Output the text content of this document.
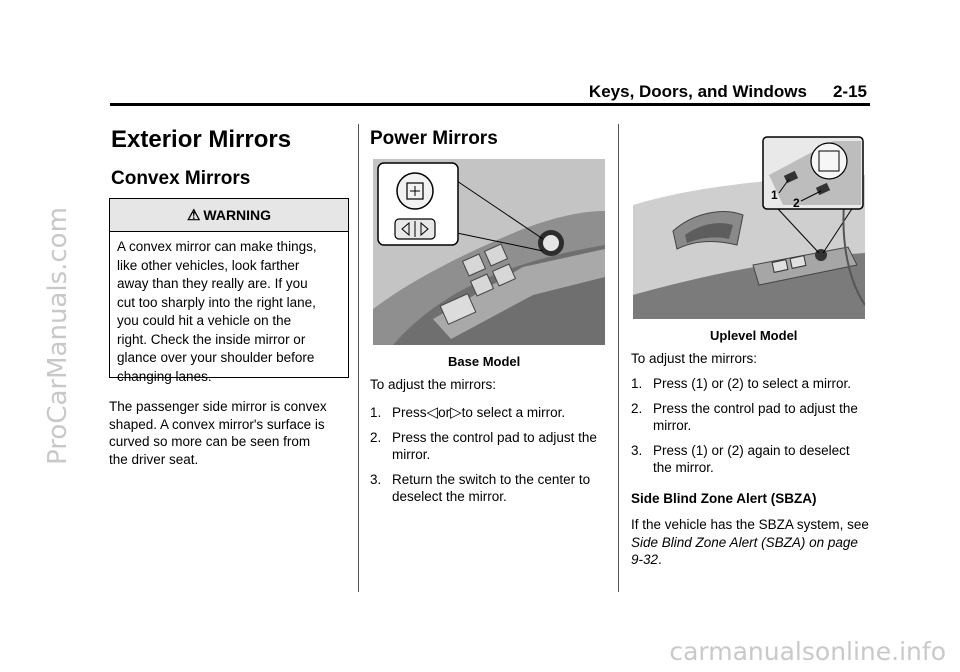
ProCarManuals.com
carmanualsonline.info
Keys, Doors, and Windows 2-15
Exterior Mirrors
Convex Mirrors
⚠ WARNING
A convex mirror can make things,
like other vehicles, look farther
away than they really are. If you
cut too sharply into the right lane,
you could hit a vehicle on the
right. Check the inside mirror or
glance over your shoulder before
changing lanes.
The passenger side mirror is convex
shaped. A convex mirror's surface is
curved so more can be seen from
the driver seat.
Power Mirrors
Base Model
To adjust the mirrors:
1. Press◁or▷to select a mirror.
2. Press the control pad to adjust the mirror.
3. Return the switch to the center to deselect the mirror.
1
2
Uplevel Model
To adjust the mirrors:
1. Press (1) or (2) to select a mirror.
2. Press the control pad to adjust the mirror.
3. Press (1) or (2) again to deselect the mirror.
Side Blind Zone Alert (SBZA)
If the vehicle has the SBZA system, see Side Blind Zone Alert (SBZA) on page 9-32.
